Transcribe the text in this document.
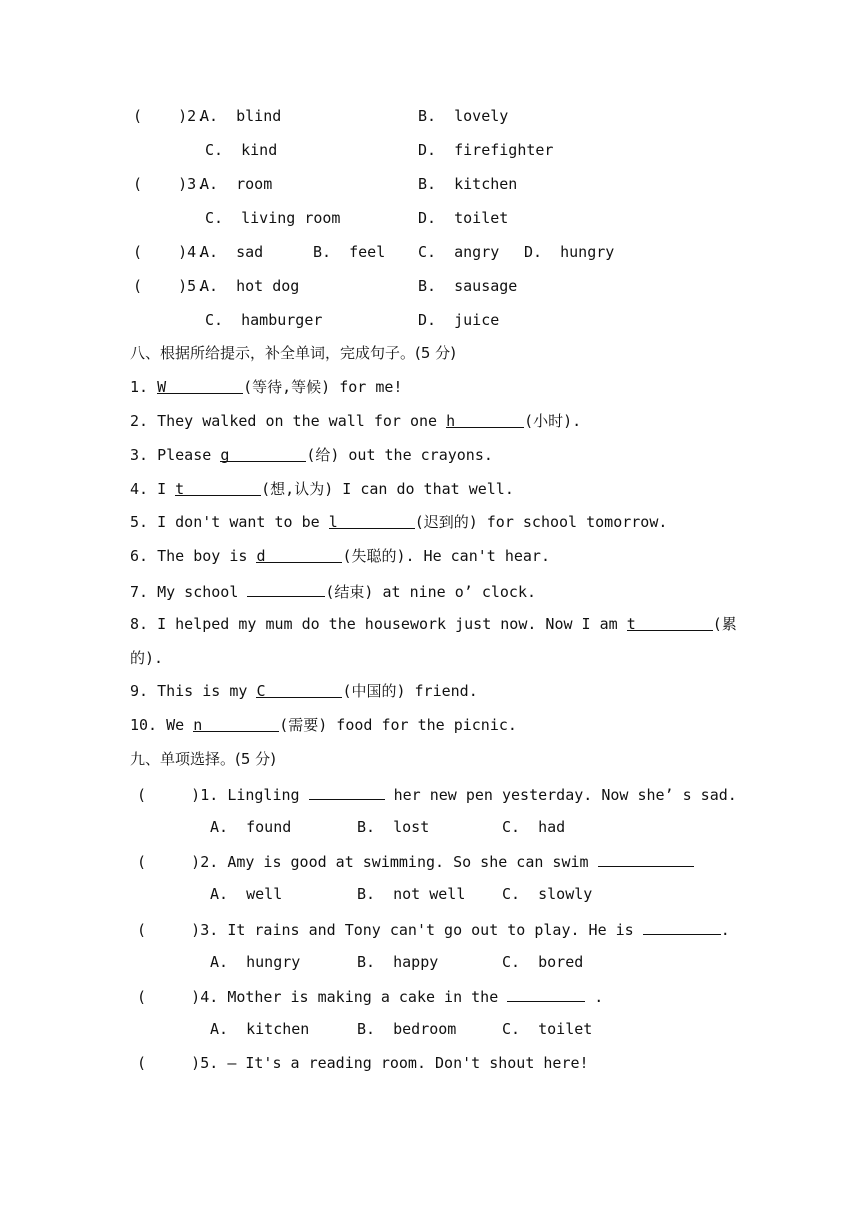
(    )2.
A.  blind	B.  lovely
C.  kind	D.  firefighter
(    )3.
A.  room	B.  kitchen
C.  living room	D.  toilet
(    )4.
A.  sad	B.  feel C.  angry D.  hungry
(    )5.
A.  hot dog	B.  sausage
C.  hamburger	D.  juice
八、根据所给提示，补全单词，完成句子。(5 分)
1. W	(等待,等候) for me!
2. They walked on the wall for one h	(小时).
3. Please g	(给) out the crayons.
4. I t	(想,认为) I can do that well.
5. I don't want to be l	(迟到的) for school tomorrow.
6. The boy is d	(失聪的). He can't hear.
7. My school	(结束) at nine o’ clock.
8. I helped my mum do the housework just now. Now I am t	(累
的).
9. This is my C	(中国的) friend.
10. We n	(需要) food for the picnic.
九、单项选择。(5 分)
(     )1. Lingling	her new pen yesterday. Now she’ s sad.
A.  found	B.  lost	C.  had
(     )2. Amy is good at swimming. So she can swim
A.  well	B.  not well C.  slowly
(     )3. It rains and Tony can't go out to play. He is	.
A.  hungry	B.  happy	C.  bored
(     )4. Mother is making a cake in the	.
A.  kitchen	B.  bedroom	C.  toilet
(     )5. — It's a reading room. Don't shout here!
